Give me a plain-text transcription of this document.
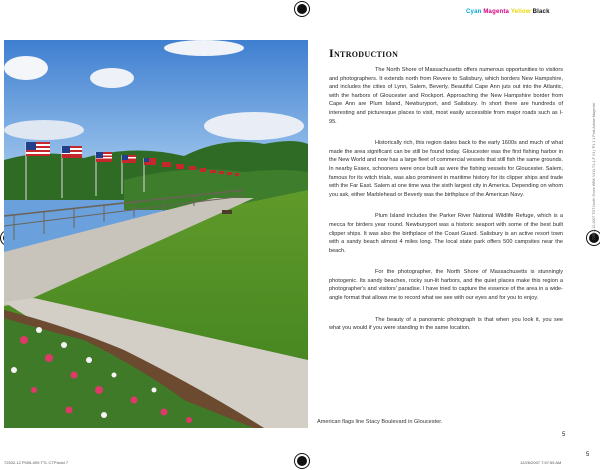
Cyan Magenta Yellow Black
American flags line Stacy Boulevard in Gloucester.
Introduction

The North Shore of Massachusetts offers numerous opportunities to visitors and photographers. It extends north from Revere to Salisbury, which borders New Hampshire, and includes the cities of Lynn, Salem, Beverly. Beautiful Cape Ann juts out into the Atlantic, with the harbors of Gloucester and Rockport. Approaching the New Hampshire border from Cape Ann are Plum Island, Newburyport, and Salisbury. In short there are hundreds of interesting and picturesque places to visit, most easily accessible from major roads such as I-95.

Historically rich, this region dates back to the early 1600s and much of what made the area significant can be still be found today. Gloucester was the first fishing harbor in the New World and now has a large fleet of commercial vessels that still fish the same grounds. In nearby Essex, schooners were once built as were the fishing vessels for Gloucester. Salem, famous for its witch trials, was also prominent in maritime history for its clipper ships and trade with the Far East. Salem at one time was the sixth largest city in America. Depending on whom you ask, either Marblehead or Beverly was the birthplace of the American Navy.

Plum Island includes the Parker River National Wildlife Refuge, which is a mecca for birders year round. Newburyport was a historic seaport with some of the best built clipper ships. It was also the birthplace of the Coast Guard. Salisbury is an active resort town with a sandy beach almost 4 miles long. The local state park offers 500 campsites near the beach.

For the photographer, the North Shore of Massachusetts is stunningly photogenic. Its sandy beaches, rocky sun-lit harbors, and the quiet places make this region a photographer's and visitors' paradise. I have tried to capture the essence of the area in a wide-angle format that allows me to record what we see with our eyes and for you to enjoy.

The beauty of a panoramic photograph is that when you look it, you see what you would if you were standing in the same location.

5
5
72532-12 P006-009.TTL CTP.indd 7	12/26/2007 7:57:55 AM
72532-12-2007 TGT North Shore WBK V411 T1-1-F V1 | 'P1 1 1 Post Adobe Magenta'
